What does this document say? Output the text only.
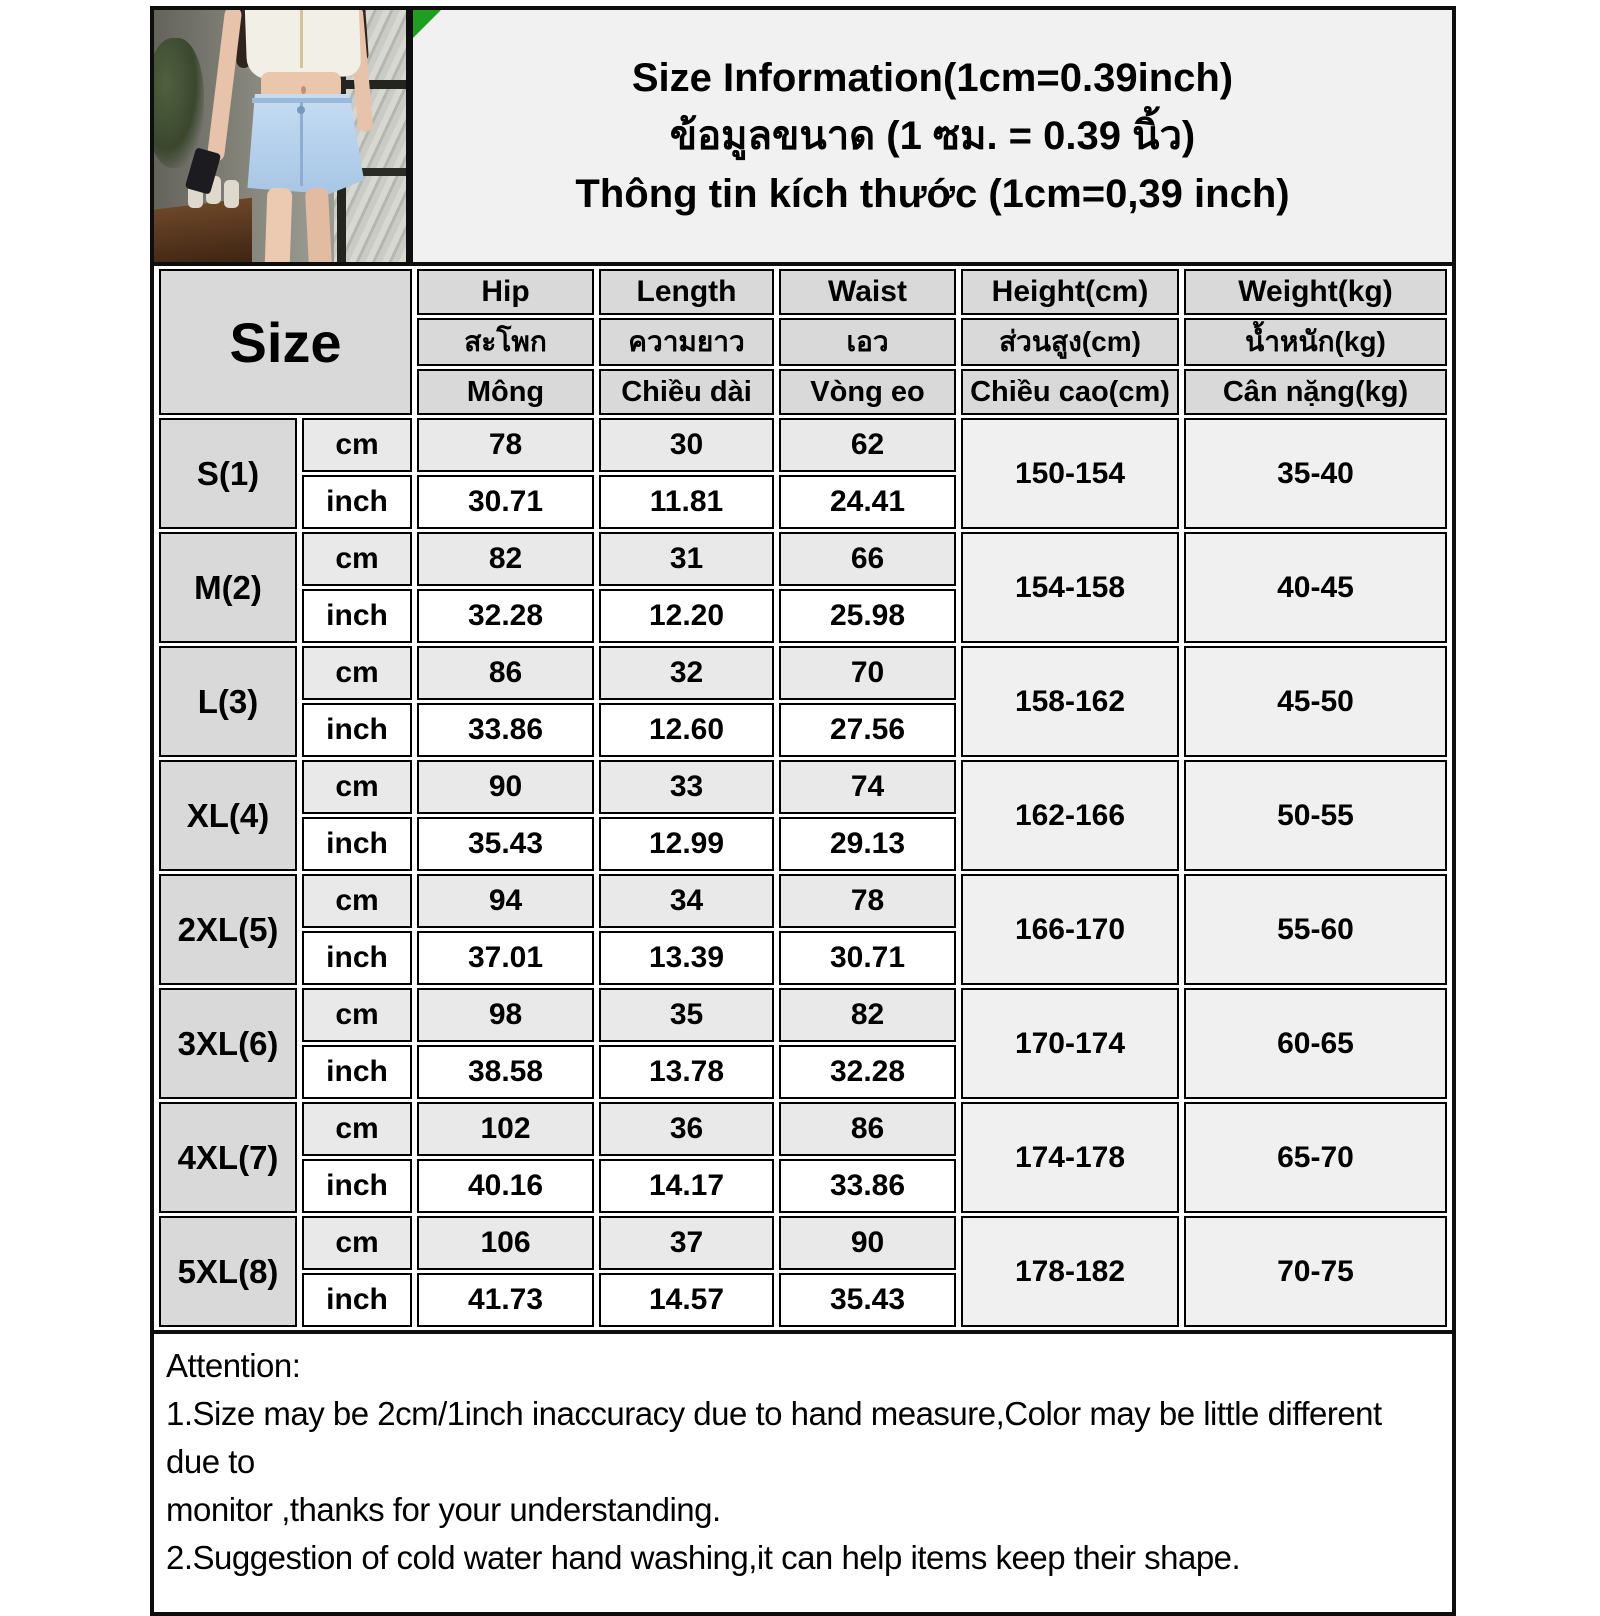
Size Information(1cm=0.39inch)
ข้อมูลขนาด (1 ซม. = 0.39 นิ้ว)
Thông tin kích thước (1cm=0,39 inch)
Size		Hip	Length	Waist	Height(cm)	Weight(kg)
		สะโพก	ความยาว	เอว	ส่วนสูง(cm)	น้ำหนัก(kg)
		Mông	Chiều dài	Vòng eo	Chiều cao(cm)	Cân nặng(kg)
S(1)	cm	78	30	62	150-154	35-40
	inch	30.71	11.81	24.41		
M(2)	cm	82	31	66	154-158	40-45
	inch	32.28	12.20	25.98		
L(3)	cm	86	32	70	158-162	45-50
	inch	33.86	12.60	27.56		
XL(4)	cm	90	33	74	162-166	50-55
	inch	35.43	12.99	29.13		
2XL(5)	cm	94	34	78	166-170	55-60
	inch	37.01	13.39	30.71		
3XL(6)	cm	98	35	82	170-174	60-65
	inch	38.58	13.78	32.28		
4XL(7)	cm	102	36	86	174-178	65-70
	inch	40.16	14.17	33.86		
5XL(8)	cm	106	37	90	178-182	70-75
	inch	41.73	14.57	35.43		
Attention:
1.Size may be 2cm/1inch inaccuracy due to hand measure,Color may be little different due to
monitor ,thanks for your understanding.
2.Suggestion of cold water hand washing,it can help items keep their shape.
